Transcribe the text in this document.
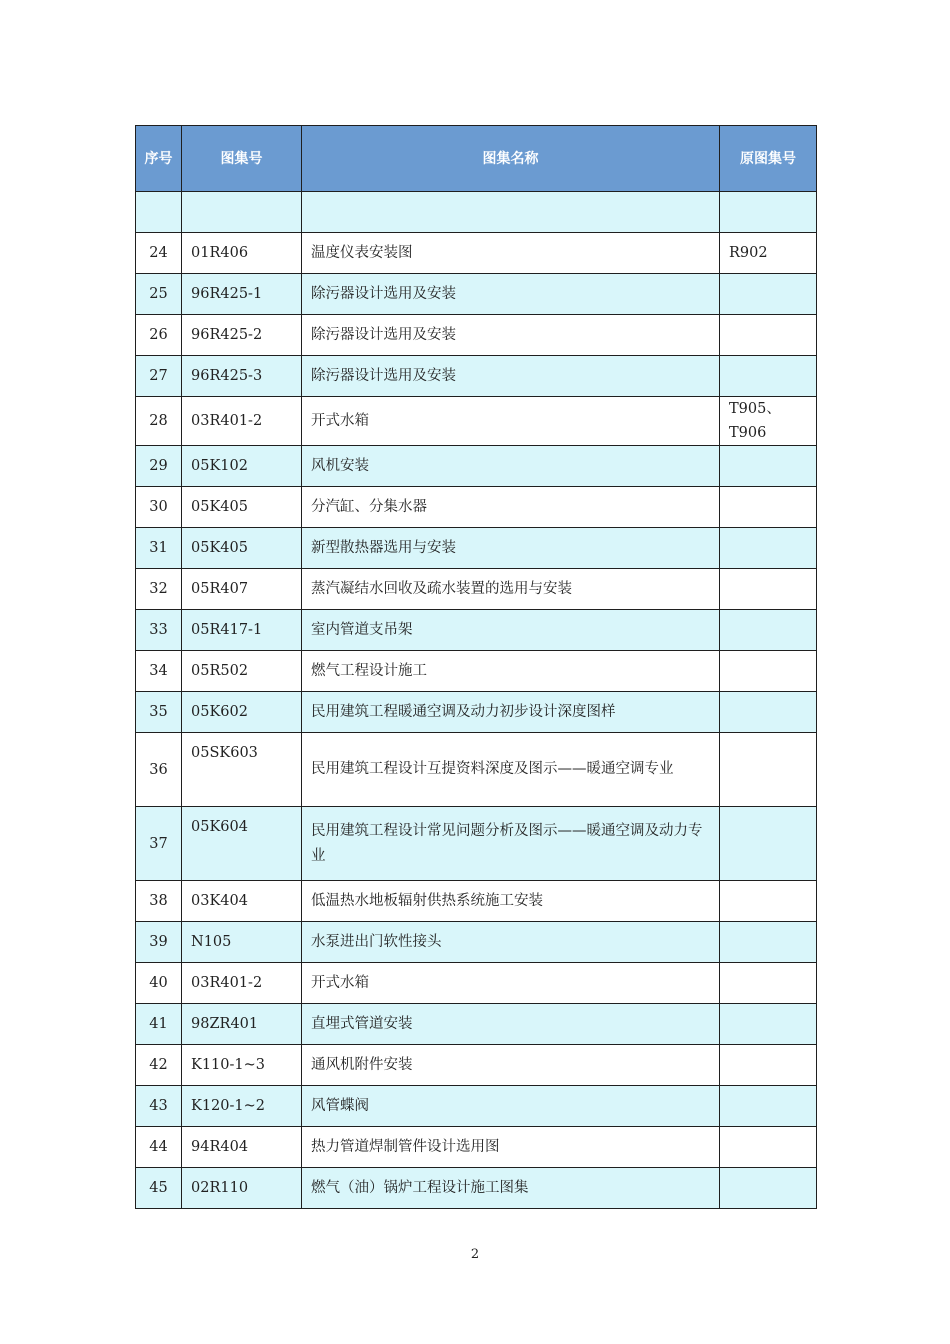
序号	图集号	图集名称	原图集号

24	01R406	温度仪表安装图	R902
25	96R425-1	除污器设计选用及安装	
26	96R425-2	除污器设计选用及安装	
27	96R425-3	除污器设计选用及安装	
28	03R401-2	开式水箱	T905、T906
29	05K102	风机安装	
30	05K405	分汽缸、分集水器	
31	05K405	新型散热器选用与安装	
32	05R407	蒸汽凝结水回收及疏水装置的选用与安装	
33	05R417-1	室内管道支吊架	
34	05R502	燃气工程设计施工	
35	05K602	民用建筑工程暖通空调及动力初步设计深度图样	
36	05SK603	民用建筑工程设计互提资料深度及图示——暖通空调专业	
37	05K604	民用建筑工程设计常见问题分析及图示——暖通空调及动力专业	
38	03K404	低温热水地板辐射供热系统施工安装	
39	N105	水泵进出门软性接头	
40	03R401-2	开式水箱	
41	98ZR401	直埋式管道安装	
42	K110-1~3	通风机附件安装	
43	K120-1~2	风管蝶阀	
44	94R404	热力管道焊制管件设计选用图	
45	02R110	燃气（油）锅炉工程设计施工图集	
2
